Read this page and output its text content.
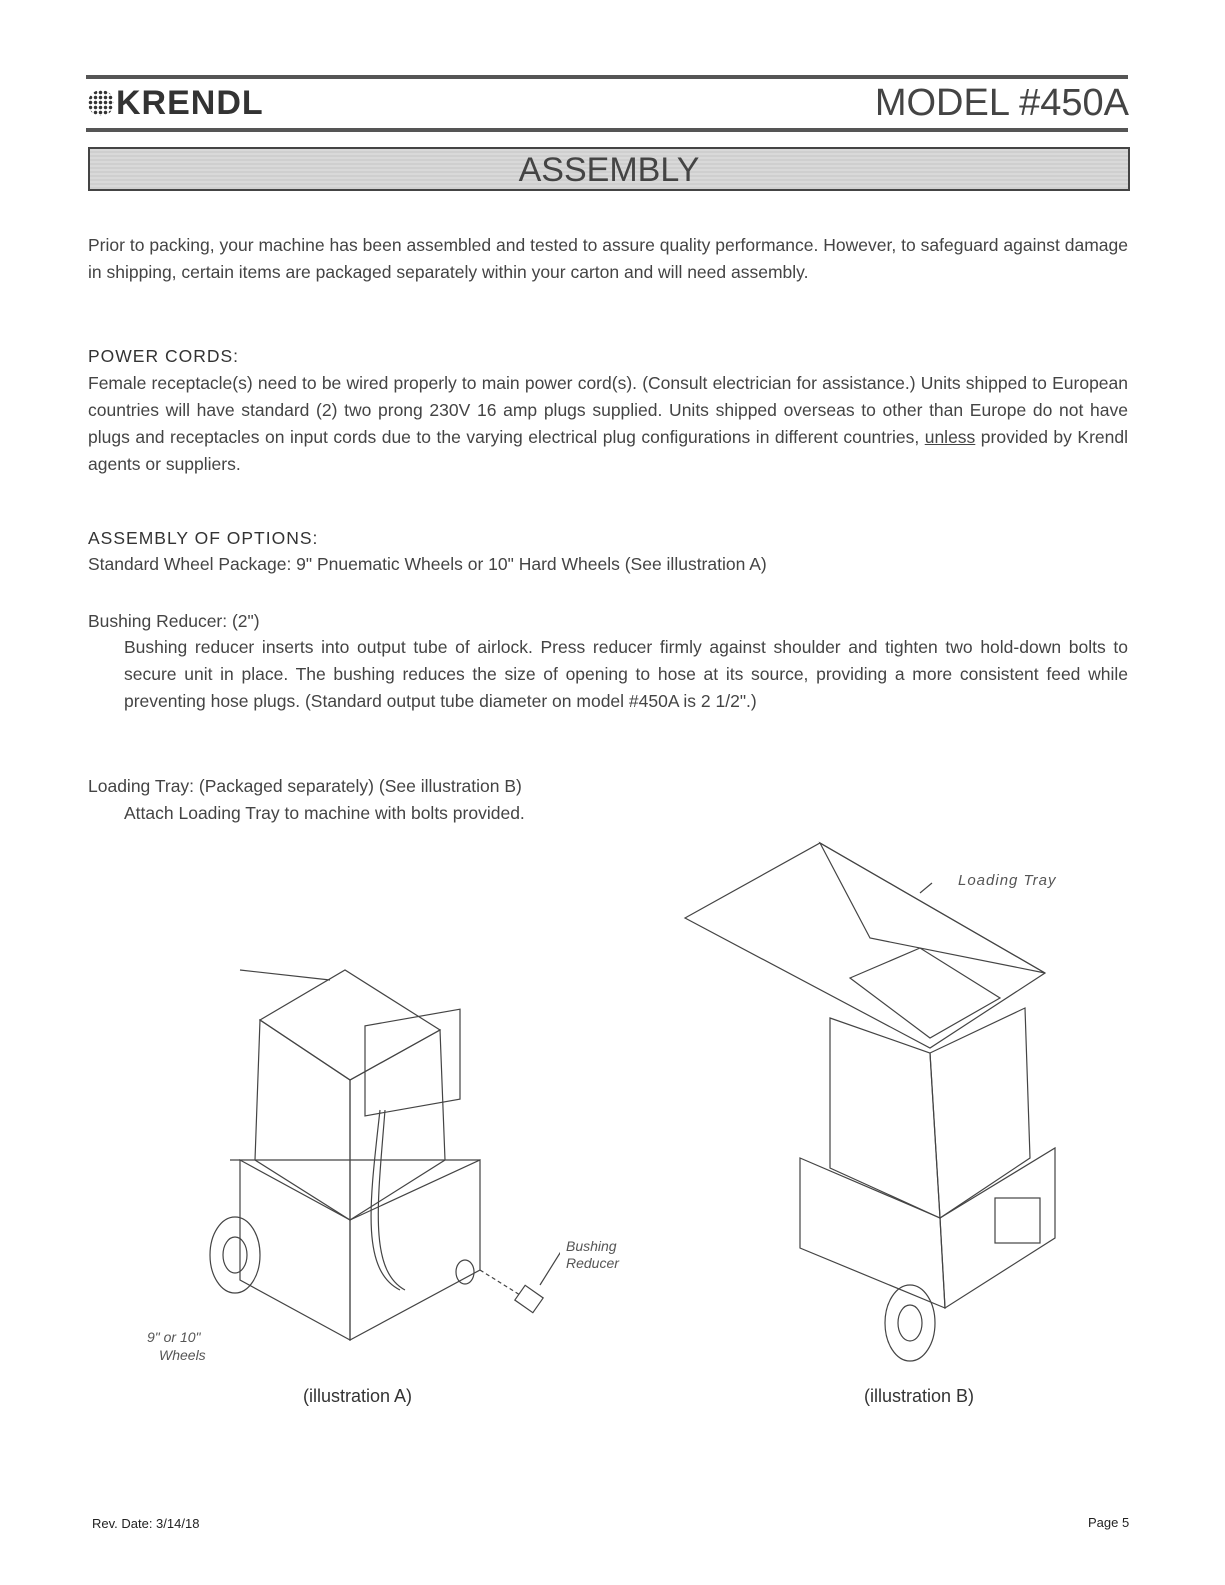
KRENDL	MODEL #450A
ASSEMBLY
Prior to packing, your machine has been assembled and tested to assure quality performance. However, to safeguard against damage in shipping, certain items are packaged separately within your carton and will need assembly.
POWER CORDS:
Female receptacle(s) need to be wired properly to main power cord(s). (Consult electrician for assistance.) Units shipped to European countries will have standard (2) two prong 230V 16 amp plugs supplied. Units shipped overseas to other than Europe do not have plugs and receptacles on input cords due to the varying electrical plug configurations in different countries, unless provided by Krendl agents or suppliers.
ASSEMBLY OF OPTIONS:
Standard Wheel Package: 9" Pnuematic Wheels or 10" Hard Wheels (See illustration A)
Bushing Reducer: (2")
Bushing reducer inserts into output tube of airlock. Press reducer firmly against shoulder and tighten two hold-down bolts to secure unit in place. The bushing reduces the size of opening to hose at its source, providing a more consistent feed while preventing hose plugs. (Standard output tube diameter on model #450A is 2 1/2".)
Loading Tray: (Packaged separately) (See illustration B)
Attach Loading Tray to machine with bolts provided.
Bushing
Reducer
9" or 10"
Wheels
(illustration A)
Loading Tray
(illustration B)
Rev. Date: 3/14/18	Page 5
